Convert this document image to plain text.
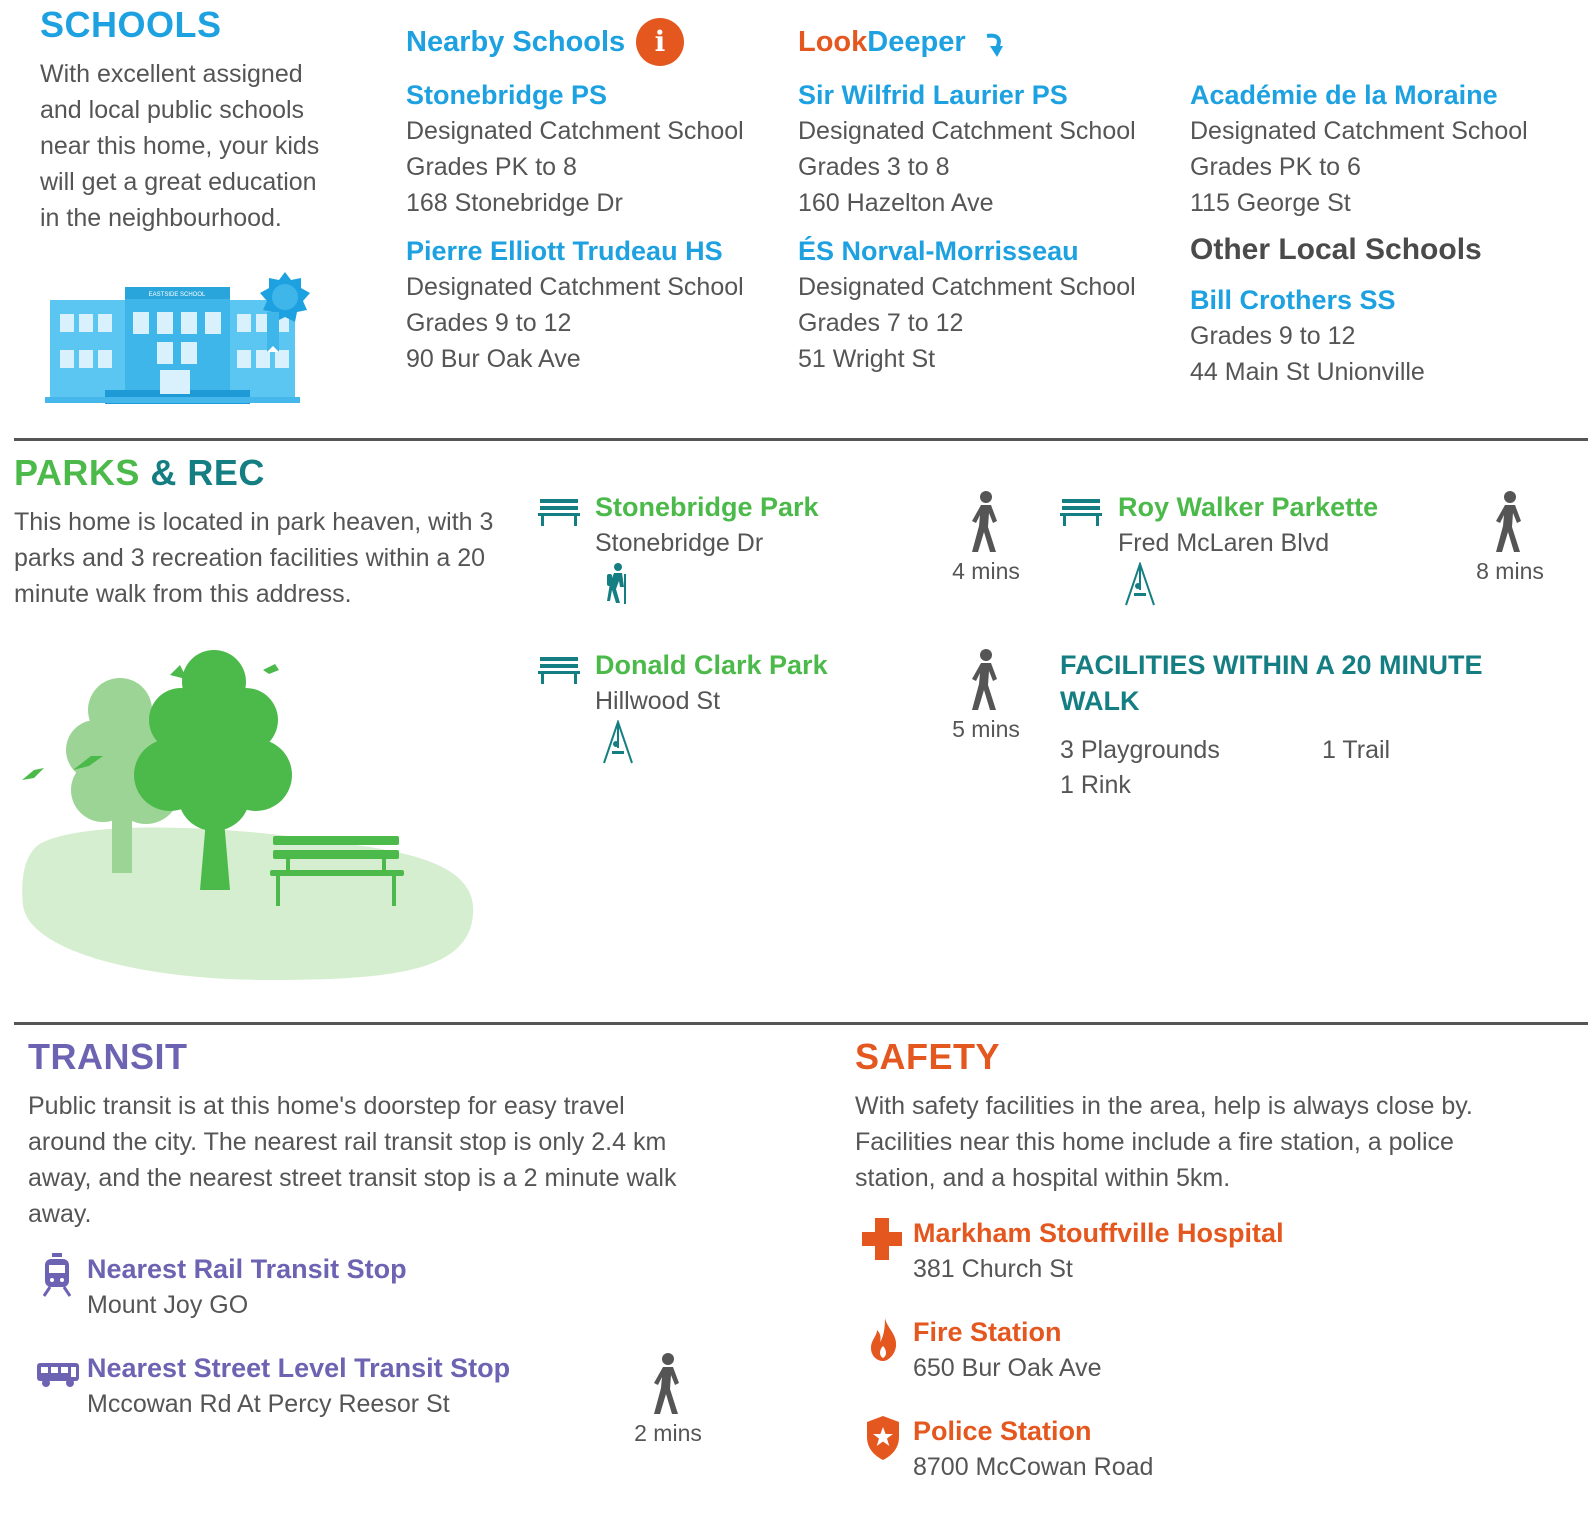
SCHOOLS
With excellent assigned
and local public schools
near this home, your kids
will get a great education
in the neighbourhood.
EASTSIDE SCHOOL
Nearby Schools	i	LookDeeper
Stonebridge PS
Designated Catchment School
Grades PK to 8
168 Stonebridge Dr
Sir Wilfrid Laurier PS
Designated Catchment School
Grades 3 to 8
160 Hazelton Ave
Académie de la Moraine
Designated Catchment School
Grades PK to 6
115 George St
Pierre Elliott Trudeau HS
Designated Catchment School
Grades 9 to 12
90 Bur Oak Ave
ÉS Norval-Morrisseau
Designated Catchment School
Grades 7 to 12
51 Wright St
Other Local Schools
Bill Crothers SS
Grades 9 to 12
44 Main St Unionville
PARKS & REC
This home is located in park heaven, with 3
parks and 3 recreation facilities within a 20
minute walk from this address.
Stonebridge Park
Stonebridge Dr
4 mins
Roy Walker Parkette
Fred McLaren Blvd
8 mins
Donald Clark Park
Hillwood St
5 mins
FACILITIES WITHIN A 20 MINUTE
WALK
3 Playgrounds	1 Trail
1 Rink
TRANSIT
Public transit is at this home's doorstep for easy travel
around the city. The nearest rail transit stop is only 2.4 km
away, and the nearest street transit stop is a 2 minute walk
away.
Nearest Rail Transit Stop
Mount Joy GO
Nearest Street Level Transit Stop
Mccowan Rd At Percy Reesor St
2 mins
SAFETY
With safety facilities in the area, help is always close by.
Facilities near this home include a fire station, a police
station, and a hospital within 5km.
Markham Stouffville Hospital
381 Church St
Fire Station
650 Bur Oak Ave
Police Station
8700 McCowan Road
